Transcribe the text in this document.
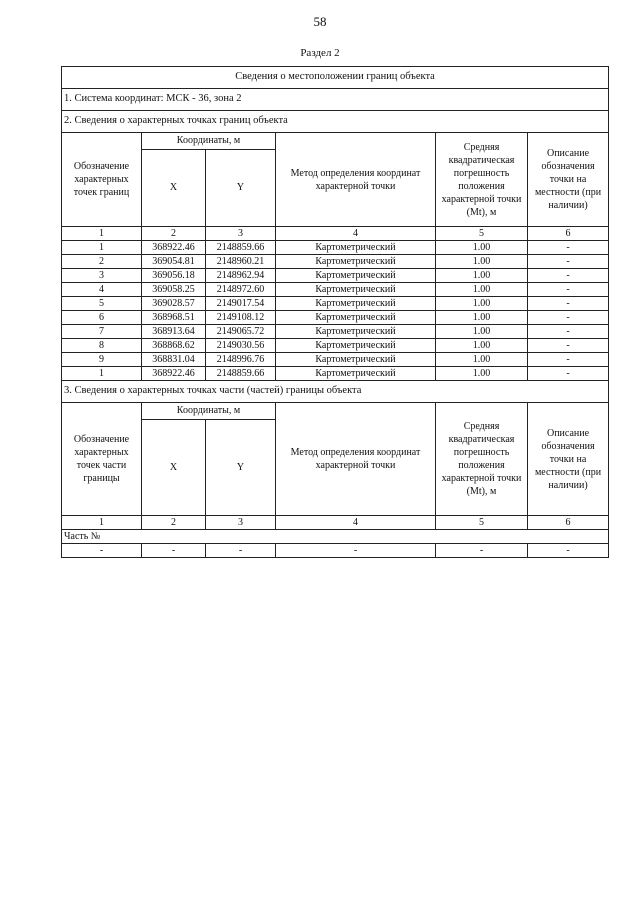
58
Раздел 2
Сведения о местоположении границ объекта					
1. Система координат: МСК - 36, зона 2					
2. Сведения о характерных точках границ объекта					
Обозначение характерных точек границ	Координаты, м		Метод определения координат характерной точки	Средняя квадратическая погрешность положения характерной точки (Mt), м	Описание обозначения точки на местности (при наличии)
	X	Y			
1	2	3	4	5	6
1	368922.46	2148859.66	Картометрический	1.00	-
2	369054.81	2148960.21	Картометрический	1.00	-
3	369056.18	2148962.94	Картометрический	1.00	-
4	369058.25	2148972.60	Картометрический	1.00	-
5	369028.57	2149017.54	Картометрический	1.00	-
6	368968.51	2149108.12	Картометрический	1.00	-
7	368913.64	2149065.72	Картометрический	1.00	-
8	368868.62	2149030.56	Картометрический	1.00	-
9	368831.04	2148996.76	Картометрический	1.00	-
1	368922.46	2148859.66	Картометрический	1.00	-
3. Сведения о характерных точках части (частей) границы объекта					
Обозначение характерных точек части границы	Координаты, м		Метод определения координат характерной точки	Средняя квадратическая погрешность положения характерной точки (Mt), м	Описание обозначения точки на местности (при наличии)
	X	Y			
1	2	3	4	5	6
Часть №					
-	-	-	-	-	-
